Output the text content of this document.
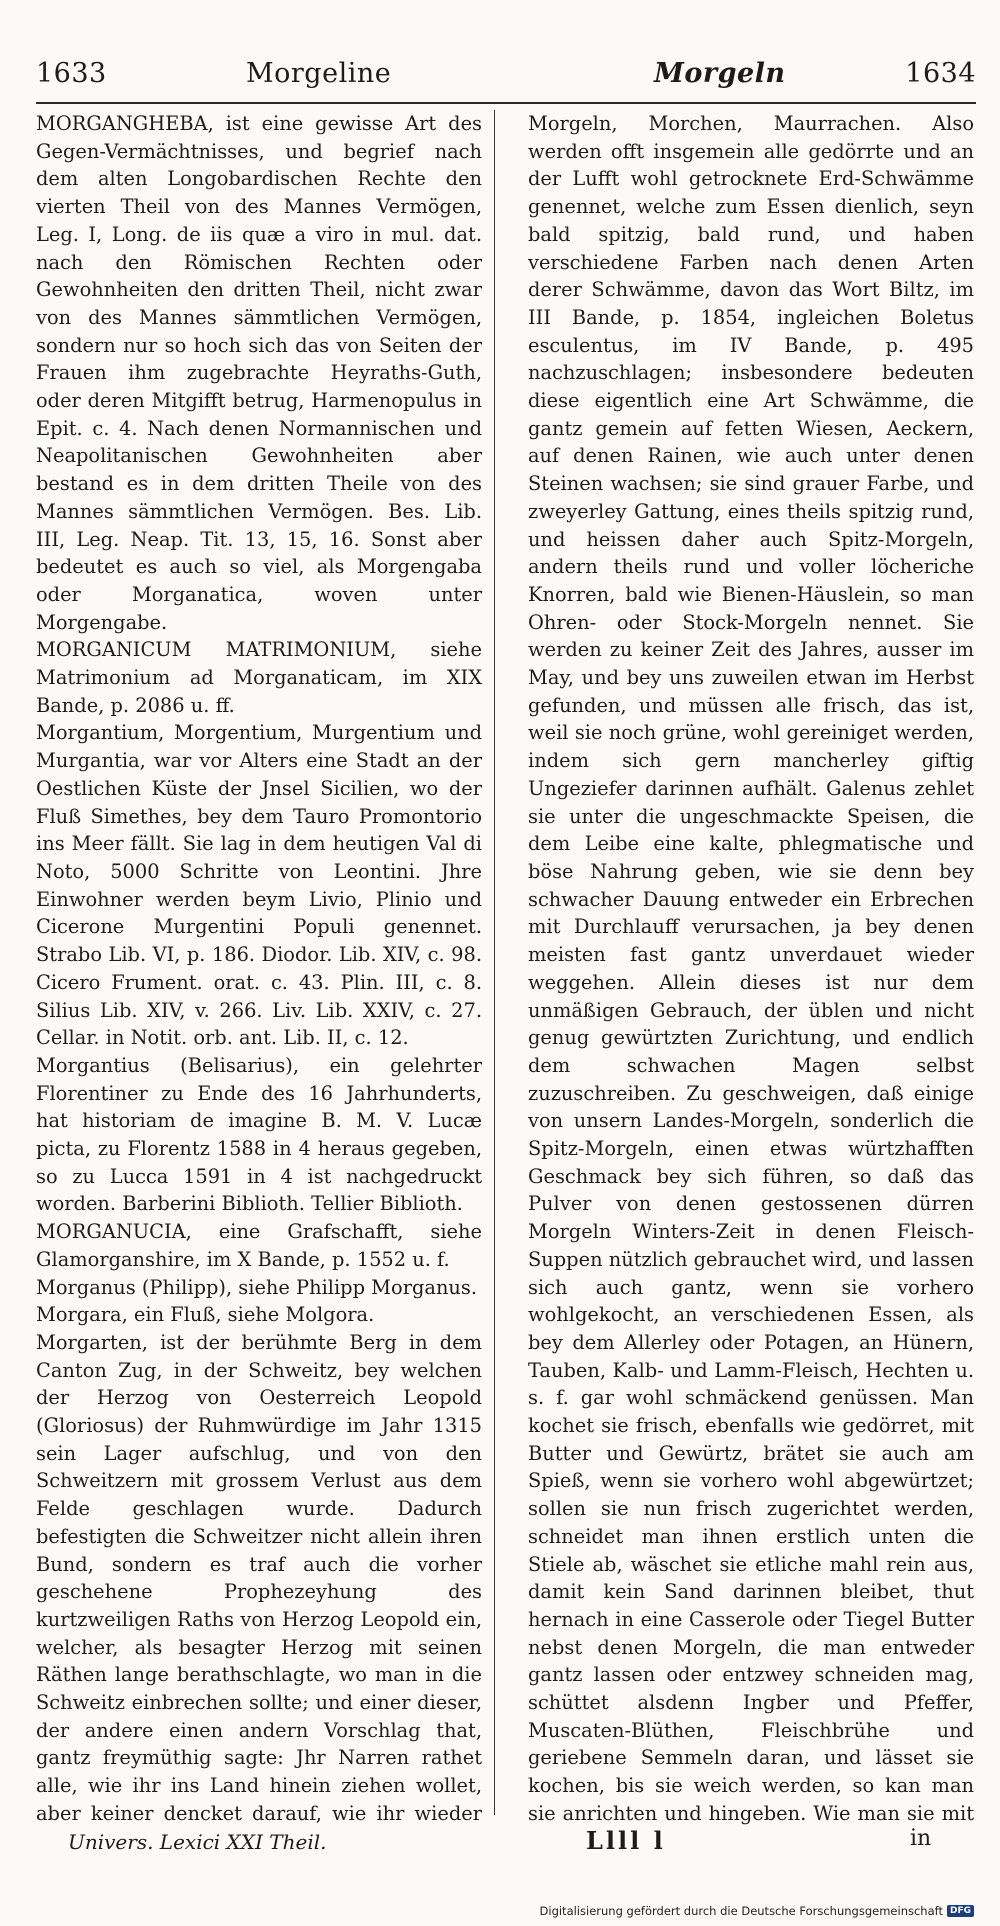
1633	Morgeline	Morgeln	1634

MORGANGHEBA, ist eine gewisse Art des Gegen-Vermächtnisses, und begrief nach dem alten Longobardischen Rechte den vierten Theil von des Mannes Vermögen, Leg. I, Long. de iis quæ a viro in mul. dat. nach den Römischen Rechten oder Gewohnheiten den dritten Theil, nicht zwar von des Mannes sämmtlichen Vermögen, sondern nur so hoch sich das von Seiten der Frauen ihm zugebrachte Heyraths-Guth, oder deren Mitgifft betrug, Harmenopulus in Epit. c. 4. Nach denen Normannischen und Neapolitanischen Gewohnheiten aber bestand es in dem dritten Theile von des Mannes sämmtlichen Vermögen. Bes. Lib. III, Leg. Neap. Tit. 13, 15, 16. Sonst aber bedeutet es auch so viel, als Morgengaba oder Morganatica, woven unter Morgengabe.

MORGANICUM MATRIMONIUM, siehe Matrimonium ad Morganaticam, im XIX Bande, p. 2086 u. ff.

Morgantium, Morgentium, Murgentium und Murgantia, war vor Alters eine Stadt an der Oestlichen Küste der Jnsel Sicilien, wo der Fluß Simethes, bey dem Tauro Promontorio ins Meer fällt. Sie lag in dem heutigen Val di Noto, 5000 Schritte von Leontini. Jhre Einwohner werden beym Livio, Plinio und Cicerone Murgentini Populi genennet. Strabo Lib. VI, p. 186. Diodor. Lib. XIV, c. 98. Cicero Frument. orat. c. 43. Plin. III, c. 8. Silius Lib. XIV, v. 266. Liv. Lib. XXIV, c. 27. Cellar. in Notit. orb. ant. Lib. II, c. 12.

Morgantius (Belisarius), ein gelehrter Florentiner zu Ende des 16 Jahrhunderts, hat historiam de imagine B. M. V. Lucæ picta, zu Florentz 1588 in 4 heraus gegeben, so zu Lucca 1591 in 4 ist nachgedruckt worden. Barberini Biblioth. Tellier Biblioth.

MORGANUCIA, eine Grafschafft, siehe Glamorganshire, im X Bande, p. 1552 u. f.

Morganus (Philipp), siehe Philipp Morganus.

Morgara, ein Fluß, siehe Molgora.

Morgarten, ist der berühmte Berg in dem Canton Zug, in der Schweitz, bey welchen der Herzog von Oesterreich Leopold (Gloriosus) der Ruhmwürdige im Jahr 1315 sein Lager aufschlug, und von den Schweitzern mit grossem Verlust aus dem Felde geschlagen wurde. Dadurch befestigten die Schweitzer nicht allein ihren Bund, sondern es traf auch die vorher geschehene Prophezeyhung des kurtzweiligen Raths von Herzog Leopold ein, welcher, als besagter Herzog mit seinen Räthen lange berathschlagte, wo man in die Schweitz einbrechen sollte; und einer dieser, der andere einen andern Vorschlag that, gantz freymüthig sagte: Jhr Narren rathet alle, wie ihr ins Land hinein ziehen wollet, aber keiner dencket darauf, wie ihr wieder

Morgeln, Morchen, Maurrachen. Also werden offt insgemein alle gedörrte und an der Lufft wohl getrocknete Erd-Schwämme genennet, welche zum Essen dienlich, seyn bald spitzig, bald rund, und haben verschiedene Farben nach denen Arten derer Schwämme, davon das Wort Biltz, im III Bande, p. 1854, ingleichen Boletus esculentus, im IV Bande, p. 495 nachzuschlagen; insbesondere bedeuten diese eigentlich eine Art Schwämme, die gantz gemein auf fetten Wiesen, Aeckern, auf denen Rainen, wie auch unter denen Steinen wachsen; sie sind grauer Farbe, und zweyerley Gattung, eines theils spitzig rund, und heissen daher auch Spitz-Morgeln, andern theils rund und voller löcheriche Knorren, bald wie Bienen-Häuslein, so man Ohren- oder Stock-Morgeln nennet. Sie werden zu keiner Zeit des Jahres, ausser im May, und bey uns zuweilen etwan im Herbst gefunden, und müssen alle frisch, das ist, weil sie noch grüne, wohl gereiniget werden, indem sich gern mancherley giftig Ungeziefer darinnen aufhält. Galenus zehlet sie unter die ungeschmackte Speisen, die dem Leibe eine kalte, phlegmatische und böse Nahrung geben, wie sie denn bey schwacher Dauung entweder ein Erbrechen mit Durchlauff verursachen, ja bey denen meisten fast gantz unverdauet wieder weggehen. Allein dieses ist nur dem unmäßigen Gebrauch, der üblen und nicht genug gewürtzten Zurichtung, und endlich dem schwachen Magen selbst zuzuschreiben. Zu geschweigen, daß einige von unsern Landes-Morgeln, sonderlich die Spitz-Morgeln, einen etwas würtzhafften Geschmack bey sich führen, so daß das Pulver von denen gestossenen dürren Morgeln Winters-Zeit in denen Fleisch-Suppen nützlich gebrauchet wird, und lassen sich auch gantz, wenn sie vorhero wohlgekocht, an verschiedenen Essen, als bey dem Allerley oder Potagen, an Hünern, Tauben, Kalb- und Lamm-Fleisch, Hechten u. s. f. gar wohl schmäckend genüssen. Man kochet sie frisch, ebenfalls wie gedörret, mit Butter und Gewürtz, brätet sie auch am Spieß, wenn sie vorhero wohl abgewürtzet; sollen sie nun frisch zugerichtet werden, schneidet man ihnen erstlich unten die Stiele ab, wäschet sie etliche mahl rein aus, damit kein Sand darinnen bleibet, thut hernach in eine Casserole oder Tiegel Butter nebst denen Morgeln, die man entweder gantz lassen oder entzwey schneiden mag, schüttet alsdenn Ingber und Pfeffer, Muscaten-Blüthen, Fleischbrühe und geriebene Semmeln daran, und lässet sie kochen, bis sie weich werden, so kan man sie anrichten und hingeben. Wie man sie mit

Univers. Lexici XXI Theil.	Llll l	in
Digitalisierung gefördert durch die Deutsche Forschungsgemeinschaft DFG
